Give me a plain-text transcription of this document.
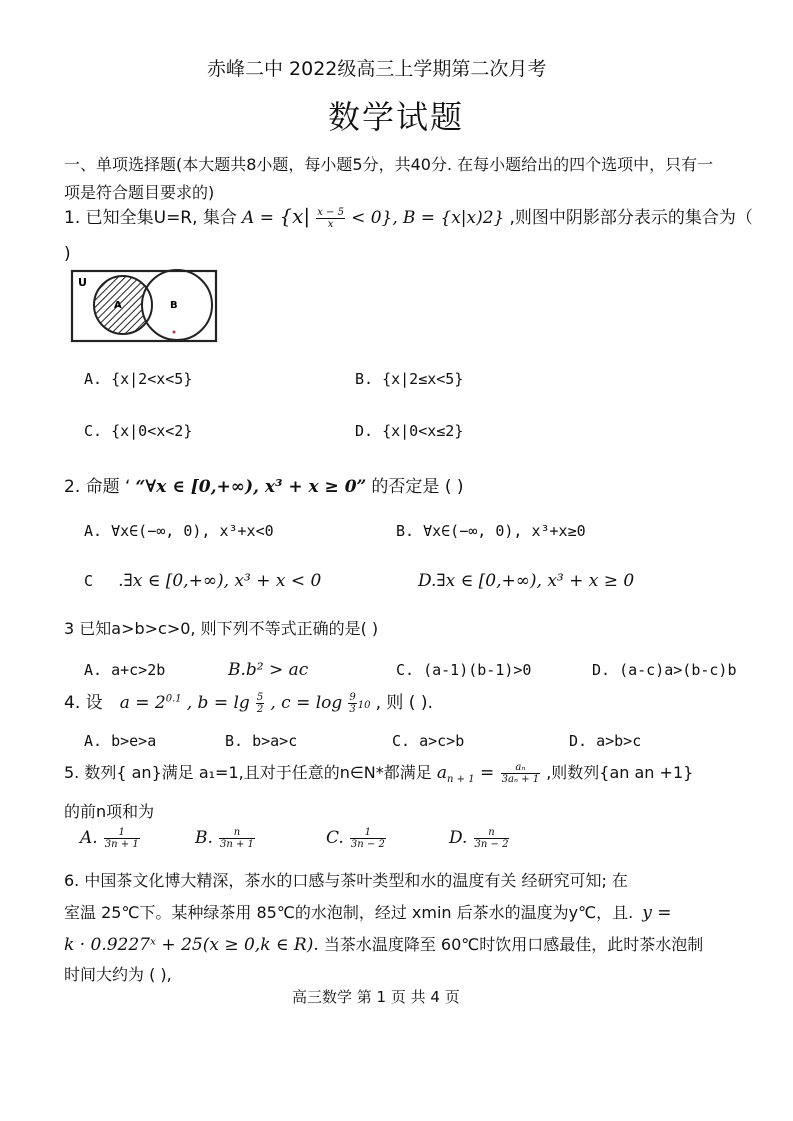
赤峰二中 2022级高三上学期第二次月考
数学试题
一、单项选择题(本大题共8小题，每小题5分，共40分. 在每小题给出的四个选项中，只有一
项是符合题目要求的)
1. 已知全集U=R, 集合 $A = \{x| \frac{x - 5}{x} < 0\}$, B = {x|x)2} ,则图中阴影部分表示的集合为（
)
U
A	B
A. {x|2<x<5}	B. {x|2≤x<5}
C. {x|0<x<2}	D. {x|0<x≤2}
2. 命题 ‘ “∀x ∈ [0,+∞), x³ + x ≥ 0” 的否定是 ( )
A. ∀x∈(−∞, 0), x³+x<0	B. ∀x∈(−∞, 0), x³+x≥0
C .∃x ∈ [0,+∞), x³ + x < 0	D.∃x ∈ [0,+∞), x³ + x ≥ 0
3 已知a>b>c>0, 则下列不等式正确的是( )
A. a+c>2b	B.b² > ac	C. (a-1)(b-1)>0	D. (a-c)a>(b-c)b
4. 设 $a = 2^{0.1}$ , $b = \lg \frac{5}{2}$ , $c = \log \frac{9}{3} 10$ , 则 ( ).
A. b>e>a	B. b>a>c	C. a>c>b	D. a>b>c
5. 数列{ an}满足 a₁=1,且对于任意的n∈N*都满足 $a_{n + 1} = \frac{\text{aₙ}}{\text{3aₙ + 1}}$ ,则数列{an an +1}
的前n项和为
A. $\frac{1}{3n + 1}$	B. $\frac{n}{3n + 1}$	C. $\frac{1}{3n - 2}$	D. $\frac{n}{3n - 2}$
6. 中国茶文化博大精深，茶水的口感与茶叶类型和水的温度有关 经研究可知; 在
室温 25℃下。某种绿茶用 85℃的水泡制，经过 xmin 后茶水的温度为y℃，且. y =
k · 0.9227ˣ + 25(x ≥ 0,k ∈ R). 当茶水温度降至 60℃时饮用口感最佳，此时茶水泡制
时间大约为 ( ),
高三数学 第 1 页 共 4 页
